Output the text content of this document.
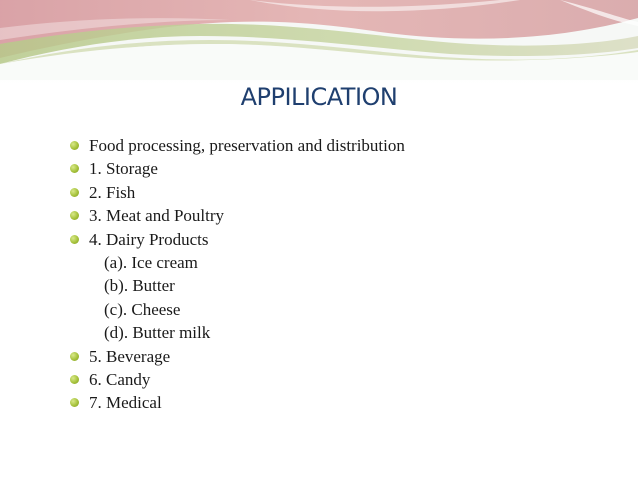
APPILICATION
Food processing, preservation and distribution
1. Storage
2. Fish
3. Meat and Poultry
4. Dairy Products
(a). Ice cream
(b). Butter
(c). Cheese
(d). Butter milk
5. Beverage
6. Candy
7. Medical
